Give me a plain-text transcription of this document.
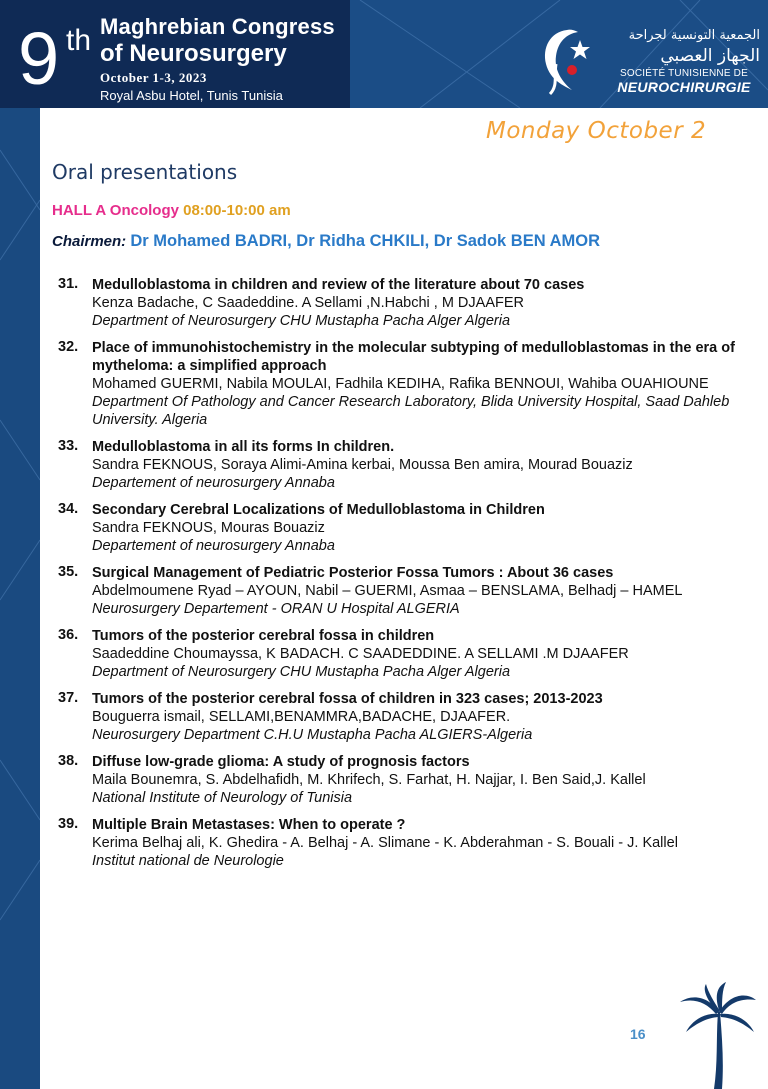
9 th Maghrebian Congress
of Neurosurgery
October 1-3, 2023
Royal Asbu Hotel, Tunis Tunisia
الجمعية التونسية لجراحة
الجهاز العصبي
SOCIÉTÉ TUNISIENNE DE
NEUROCHIRURGIE
Monday October 2
Oral presentations
HALL A Oncology 08:00-10:00 am
Chairmen: Dr Mohamed BADRI, Dr Ridha CHKILI, Dr Sadok BEN AMOR
31. Medulloblastoma in children and review of the literature about 70 cases
Kenza Badache, C Saadeddine. A Sellami ,N.Habchi , M DJAAFER
Department of Neurosurgery CHU Mustapha Pacha Alger Algeria
32. Place of immunohistochemistry in the molecular subtyping of medulloblastomas in the era of mytheloma: a simplified approach
Mohamed GUERMI, Nabila MOULAI, Fadhila KEDIHA, Rafika BENNOUI, Wahiba OUAHIOUNE
Department Of Pathology and Cancer Research Laboratory, Blida University Hospital, Saad Dahleb University. Algeria
33. Medulloblastoma in all its forms In children.
Sandra FEKNOUS, Soraya Alimi-Amina kerbai, Moussa Ben amira, Mourad Bouaziz
Departement of neurosurgery Annaba
34. Secondary Cerebral Localizations of Medulloblastoma in Children
Sandra FEKNOUS, Mouras Bouaziz
Departement of neurosurgery Annaba
35. Surgical Management of Pediatric Posterior Fossa Tumors : About 36 cases
Abdelmoumene Ryad – AYOUN, Nabil – GUERMI, Asmaa – BENSLAMA, Belhadj – HAMEL
Neurosurgery Departement - ORAN U Hospital ALGERIA
36. Tumors of the posterior cerebral fossa in children
Saadeddine Choumayssa, K BADACH. C SAADEDDINE. A SELLAMI .M DJAAFER
Department of Neurosurgery CHU Mustapha Pacha Alger Algeria
37. Tumors of the posterior cerebral fossa of children in 323 cases; 2013-2023
Bouguerra ismail, SELLAMI,BENAMMRA,BADACHE, DJAAFER.
Neurosurgery Department C.H.U Mustapha Pacha ALGIERS-Algeria
38. Diffuse low-grade glioma: A study of prognosis factors
Maila Bounemra, S. Abdelhafidh, M. Khrifech, S. Farhat, H. Najjar, I. Ben Said,J. Kallel
National Institute of Neurology of Tunisia
39. Multiple Brain Metastases: When to operate ?
Kerima Belhaj ali, K. Ghedira - A. Belhaj - A. Slimane - K. Abderahman - S. Bouali - J. Kallel
Institut national de Neurologie
16
